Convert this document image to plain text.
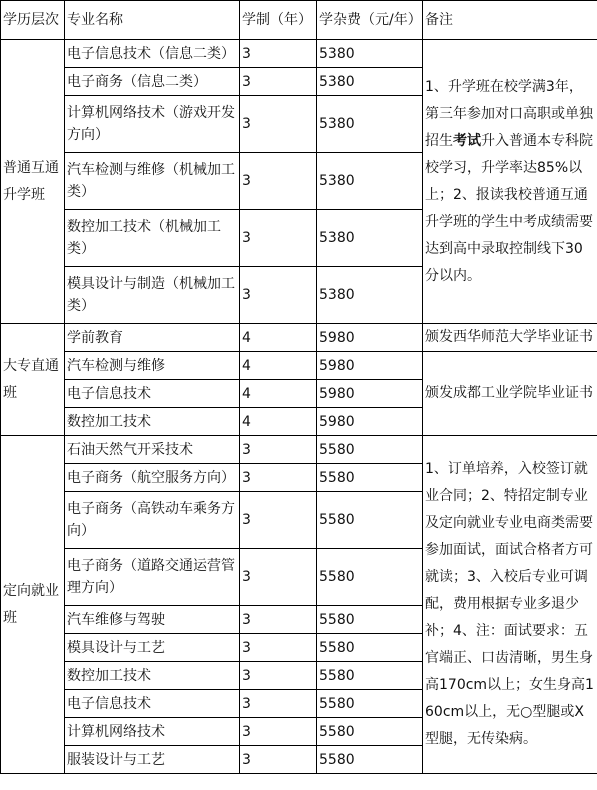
学历层次	专业名称	学制（年）	学杂费（元/年）	备注
普通互通升学班	电子信息技术（信息二类）	3	5380	1、升学班在校学满3年，第三年参加对口高职或单独招生考试升入普通本专科院校学习，升学率达85%以上；2、报读我校普通互通升学班的学生中考成绩需要达到高中录取控制线下30分以内。
	电子商务（信息二类）	3	5380	
	计算机网络技术（游戏开发方向）	3	5380	
	汽车检测与维修（机械加工类）	3	5380	
	数控加工技术（机械加工类）	3	5380	
	模具设计与制造（机械加工类）	3	5380	
大专直通班	学前教育	4	5980	颁发西华师范大学毕业证书
	汽车检测与维修	4	5980	颁发成都工业学院毕业证书
	电子信息技术	4	5980	
	数控加工技术	4	5980	
定向就业班	石油天然气开采技术	3	5580	1、订单培养，入校签订就业合同；2、特招定制专业及定向就业专业电商类需要参加面试，面试合格者方可就读；3、入校后专业可调配，费用根据专业多退少补；4、注：面试要求：五官端正、口齿清晰，男生身高170cm以上；女生身高160cm以上，无○型腿或X型腿，无传染病。
	电子商务（航空服务方向）	3	5580	
	电子商务（高铁动车乘务方向）	3	5580	
	电子商务（道路交通运营管理方向）	3	5580	
	汽车维修与驾驶	3	5580	
	模具设计与工艺	3	5580	
	数控加工技术	3	5580	
	电子信息技术	3	5580	
	计算机网络技术	3	5580	
	服装设计与工艺	3	5580	
